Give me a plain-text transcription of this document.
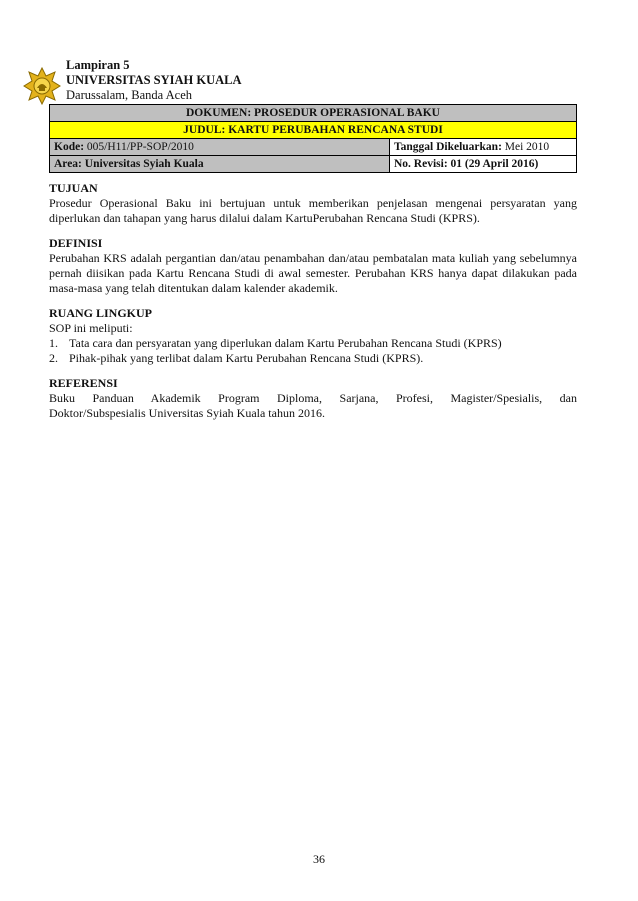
Lampiran 5
UNIVERSITAS SYIAH KUALA
Darussalam, Banda Aceh
DOKUMEN: PROSEDUR OPERASIONAL BAKU	
JUDUL: KARTU PERUBAHAN RENCANA STUDI	
Kode: 005/H11/PP-SOP/2010	Tanggal Dikeluarkan: Mei 2010
Area: Universitas Syiah Kuala	No. Revisi: 01 (29 April 2016)
TUJUAN

Prosedur Operasional Baku ini bertujuan untuk memberikan penjelasan mengenai persyaratan yang diperlukan dan tahapan yang harus dilalui dalam KartuPerubahan Rencana Studi (KPRS).

DEFINISI

Perubahan KRS adalah pergantian dan/atau penambahan dan/atau pembatalan mata kuliah yang sebelumnya pernah diisikan pada Kartu Rencana Studi di awal semester. Perubahan KRS hanya dapat dilakukan pada masa-masa yang telah ditentukan dalam kalender akademik.

RUANG LINGKUP
SOP ini meliputi:
1. Tata cara dan persyaratan yang diperlukan dalam Kartu Perubahan Rencana Studi (KPRS)
2. Pihak-pihak yang terlibat dalam Kartu Perubahan Rencana Studi (KPRS).
REFERENSI

Buku Panduan Akademik Program Diploma, Sarjana, Profesi, Magister/Spesialis, dan

Doktor/Subspesialis Universitas Syiah Kuala tahun 2016.

36
